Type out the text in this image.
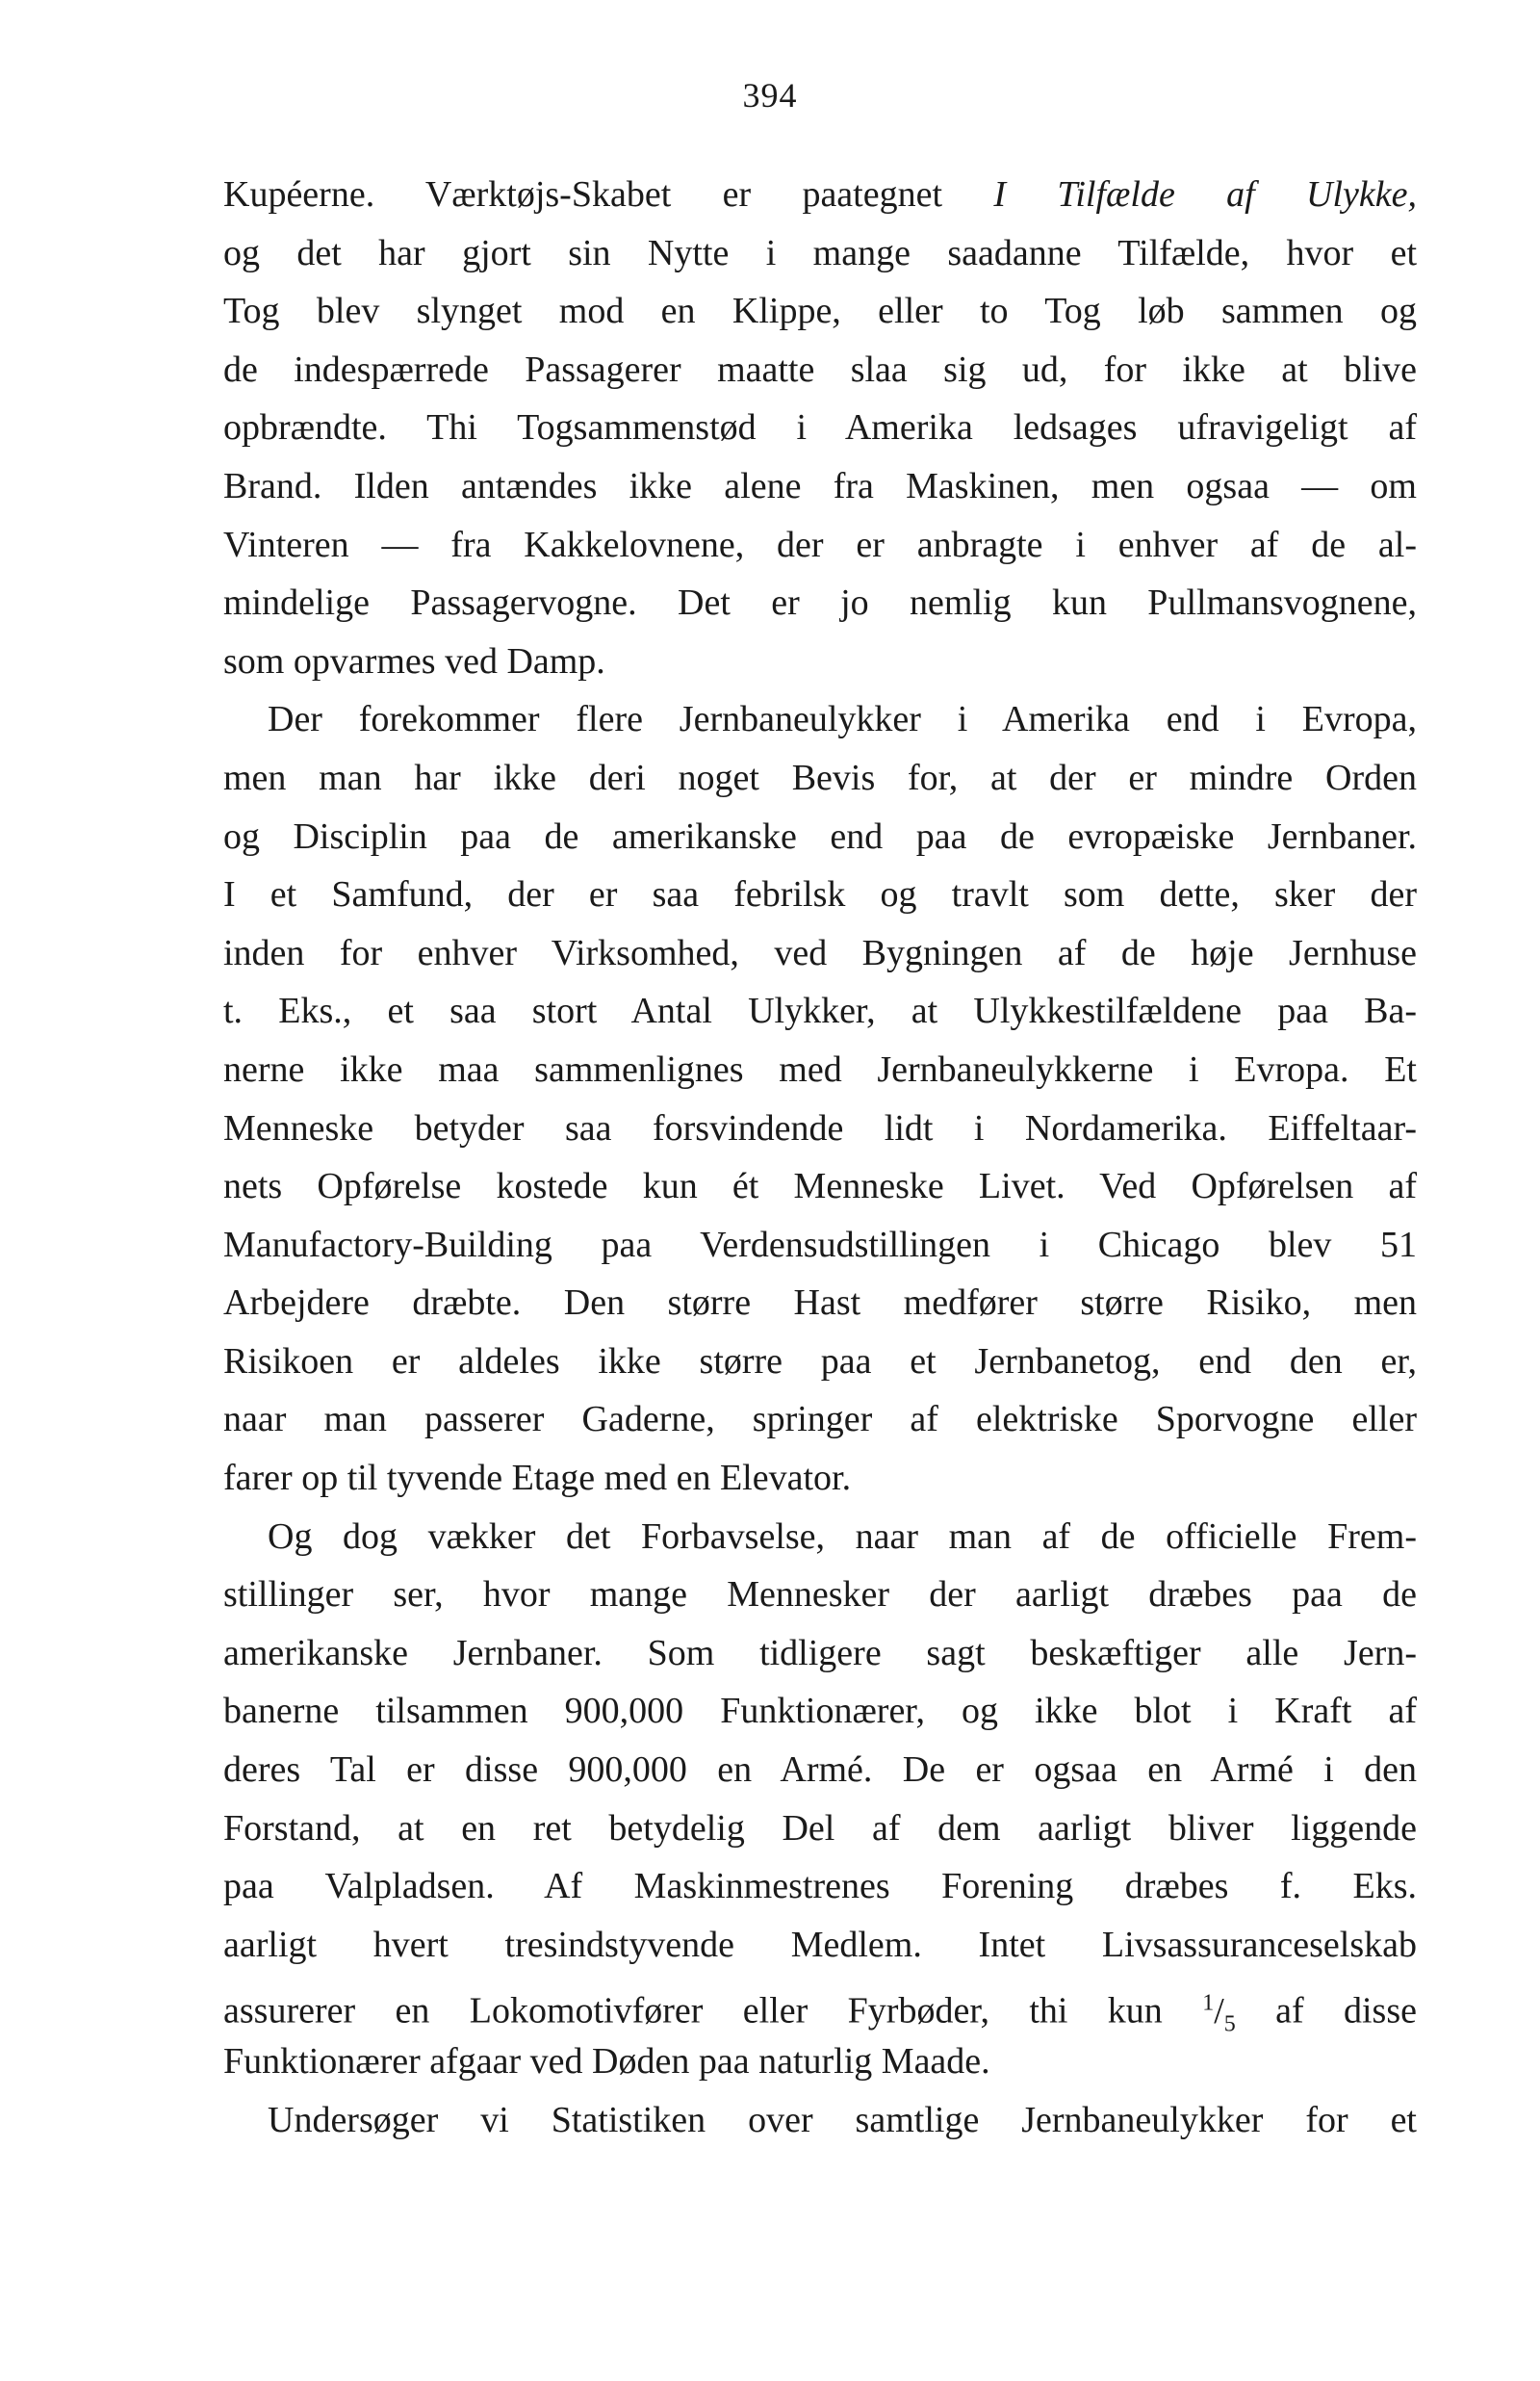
394
Kupéerne. Værktøjs-Skabet er paategnet I Tilfælde af Ulykke,
og det har gjort sin Nytte i mange saadanne Tilfælde, hvor et
Tog blev slynget mod en Klippe, eller to Tog løb sammen og
de indespærrede Passagerer maatte slaa sig ud, for ikke at blive
opbrændte. Thi Togsammenstød i Amerika ledsages ufravigeligt af
Brand. Ilden antændes ikke alene fra Maskinen, men ogsaa — om
Vinteren — fra Kakkelovnene, der er anbragte i enhver af de al-
mindelige Passagervogne. Det er jo nemlig kun Pullmansvognene,
som opvarmes ved Damp.
Der forekommer flere Jernbaneulykker i Amerika end i Evropa,
men man har ikke deri noget Bevis for, at der er mindre Orden
og Disciplin paa de amerikanske end paa de evropæiske Jernbaner.
I et Samfund, der er saa febrilsk og travlt som dette, sker der
inden for enhver Virksomhed, ved Bygningen af de høje Jernhuse
t. Eks., et saa stort Antal Ulykker, at Ulykkestilfældene paa Ba-
nerne ikke maa sammenlignes med Jernbaneulykkerne i Evropa. Et
Menneske betyder saa forsvindende lidt i Nordamerika. Eiffeltaar-
nets Opførelse kostede kun ét Menneske Livet. Ved Opførelsen af
Manufactory-Building paa Verdensudstillingen i Chicago blev 51
Arbejdere dræbte. Den større Hast medfører større Risiko, men
Risikoen er aldeles ikke større paa et Jernbanetog, end den er,
naar man passerer Gaderne, springer af elektriske Sporvogne eller
farer op til tyvende Etage med en Elevator.
Og dog vækker det Forbavselse, naar man af de officielle Frem-
stillinger ser, hvor mange Mennesker der aarligt dræbes paa de
amerikanske Jernbaner. Som tidligere sagt beskæftiger alle Jern-
banerne tilsammen 900,000 Funktionærer, og ikke blot i Kraft af
deres Tal er disse 900,000 en Armé. De er ogsaa en Armé i den
Forstand, at en ret betydelig Del af dem aarligt bliver liggende
paa Valpladsen. Af Maskinmestrenes Forening dræbes f. Eks.
aarligt hvert tresindstyvende Medlem. Intet Livsassuranceselskab
assurerer en Lokomotivfører eller Fyrbøder, thi kun $^1/_5$ af disse
Funktionærer afgaar ved Døden paa naturlig Maade.
Undersøger vi Statistiken over samtlige Jernbaneulykker for et
